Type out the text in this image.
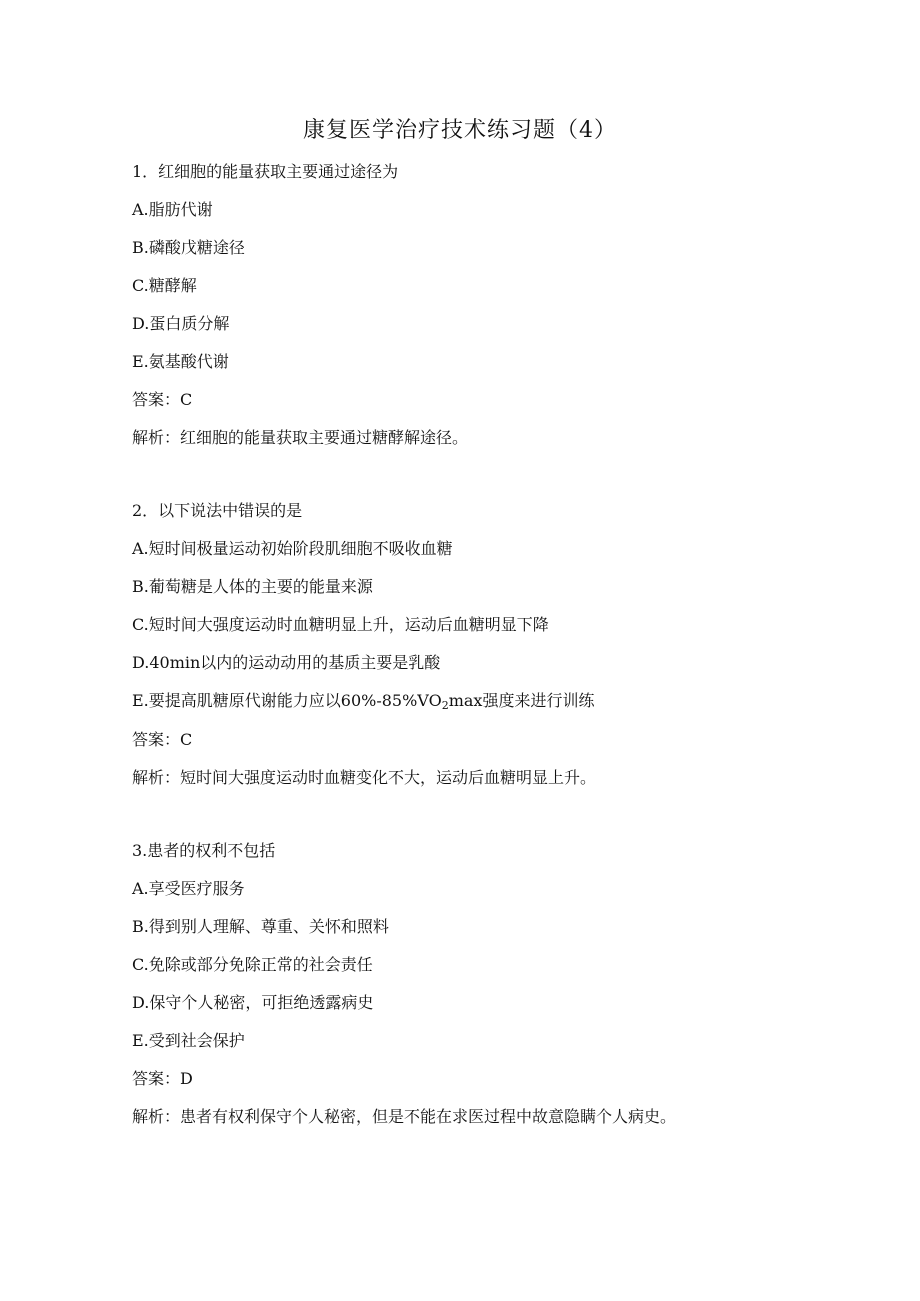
康复医学治疗技术练习题（4）
1．红细胞的能量获取主要通过途径为
A.脂肪代谢
B.磷酸戊糖途径
C.糖酵解
D.蛋白质分解
E.氨基酸代谢
答案：C
解析：红细胞的能量获取主要通过糖酵解途径。
2．以下说法中错误的是
A.短时间极量运动初始阶段肌细胞不吸收血糖
B.葡萄糖是人体的主要的能量来源
C.短时间大强度运动时血糖明显上升，运动后血糖明显下降
D.40min以内的运动动用的基质主要是乳酸
E.要提高肌糖原代谢能力应以$60\%-85\%VO_2\max$强度来进行训练
答案：C
解析：短时间大强度运动时血糖变化不大，运动后血糖明显上升。
3.患者的权利不包括
A.享受医疗服务
B.得到别人理解、尊重、关怀和照料
C.免除或部分免除正常的社会责任
D.保守个人秘密，可拒绝透露病史
E.受到社会保护
答案：D
解析：患者有权利保守个人秘密，但是不能在求医过程中故意隐瞒个人病史。
